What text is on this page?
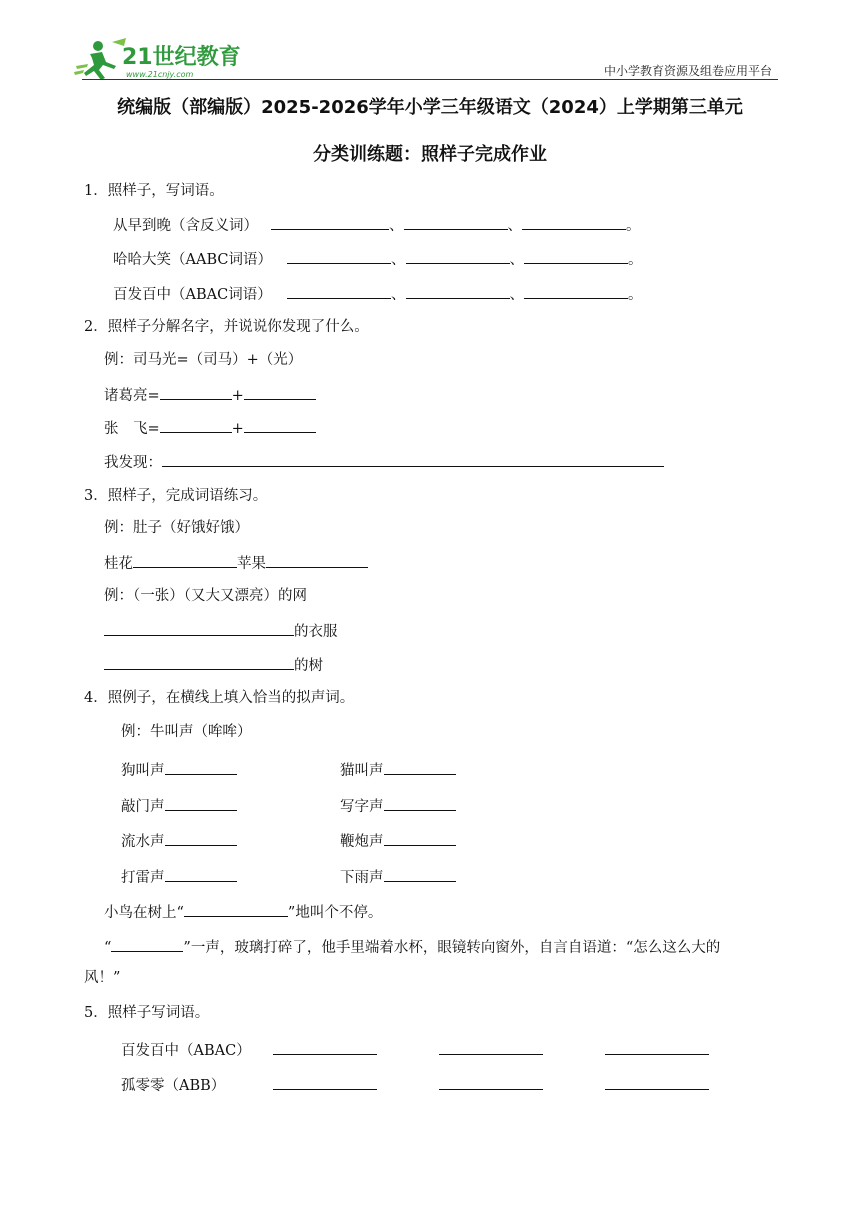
21世纪教育
www.21cnjy.com	中小学教育资源及组卷应用平台
统编版（部编版）2025-2026学年小学三年级语文（2024）上学期第三单元
分类训练题：照样子完成作业
1．照样子，写词语。
从早到晚（含反义词）	、	、	。
哈哈大笑（AABC词语）	、	、	。
百发百中（ABAC词语）	、	、	。
2．照样子分解名字，并说说你发现了什么。
例：司马光=（司马）+（光）
诸葛亮=	+
张　飞=	+
我发现：
3．照样子，完成词语练习。
例：肚子（好饿好饿）
桂花	苹果
例：（一张）（又大又漂亮）的网
的衣服
的树
4．照例子，在横线上填入恰当的拟声词。
例：牛叫声（哞哞）
狗叫声	猫叫声
敲门声	写字声
流水声	鞭炮声
打雷声	下雨声
小鸟在树上“	”地叫个不停。
“	”一声，玻璃打碎了，他手里端着水杯，眼镜转向窗外，自言自语道：“怎么这么大的
风！”
5．照样子写词语。
百发百中（ABAC）
孤零零（ABB）
